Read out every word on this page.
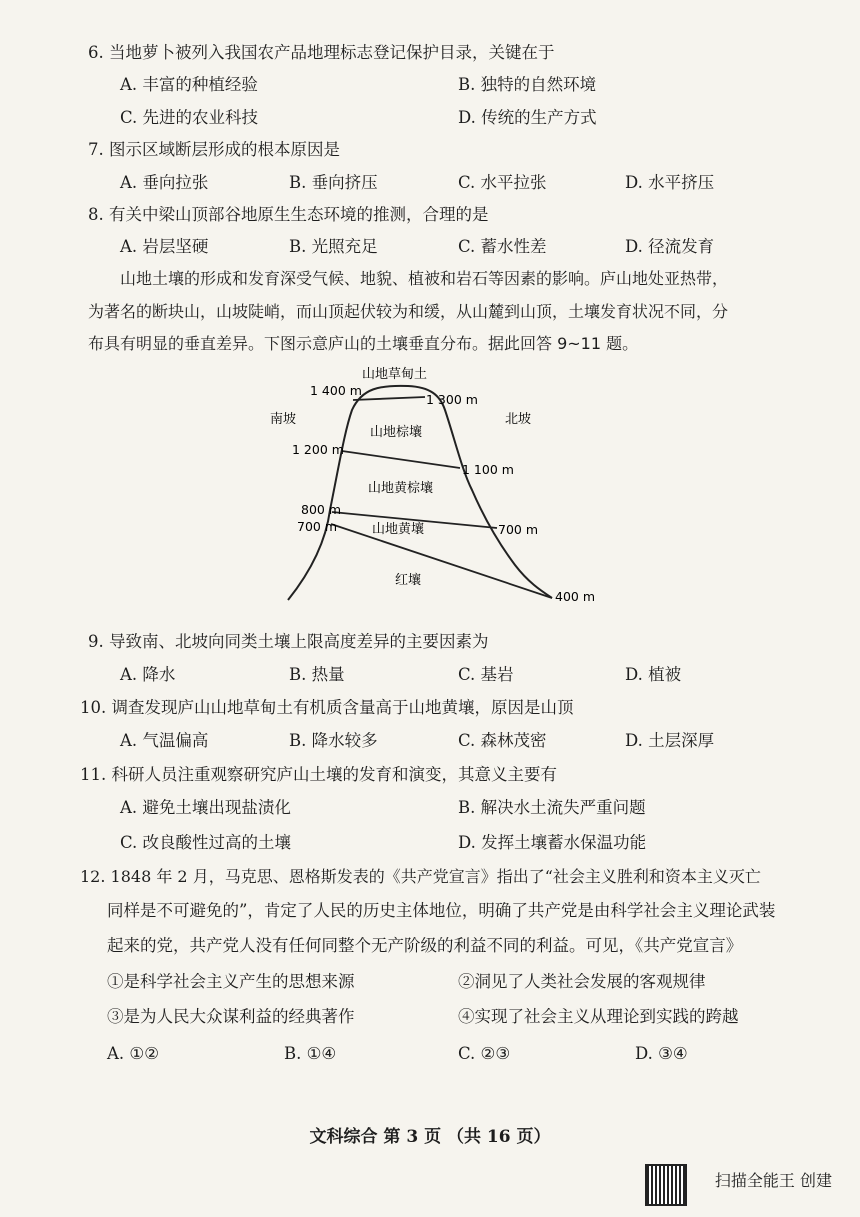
6. 当地萝卜被列入我国农产品地理标志登记保护目录，关键在于
A. 丰富的种植经验	B. 独特的自然环境
C. 先进的农业科技	D. 传统的生产方式
7. 图示区域断层形成的根本原因是
A. 垂向拉张	B. 垂向挤压	C. 水平拉张	D. 水平挤压
8. 有关中梁山顶部谷地原生生态环境的推测，合理的是
A. 岩层坚硬	B. 光照充足	C. 蓄水性差	D. 径流发育
山地土壤的形成和发育深受气候、地貌、植被和岩石等因素的影响。庐山地处亚热带，
为著名的断块山，山坡陡峭，而山顶起伏较为和缓，从山麓到山顶，土壤发育状况不同，分
布具有明显的垂直差异。下图示意庐山的土壤垂直分布。据此回答 9~11 题。
山地草甸土
南坡	北坡
山地棕壤
山地黄棕壤
山地黄壤
红壤
1 400 m
1 200 m
800 m
700 m
1 300 m
1 100 m
700 m
400 m
9. 导致南、北坡向同类土壤上限高度差异的主要因素为
A. 降水	B. 热量	C. 基岩	D. 植被
10. 调查发现庐山山地草甸土有机质含量高于山地黄壤，原因是山顶
A. 气温偏高	B. 降水较多	C. 森林茂密	D. 土层深厚
11. 科研人员注重观察研究庐山土壤的发育和演变，其意义主要有
A. 避免土壤出现盐渍化	B. 解决水土流失严重问题
C. 改良酸性过高的土壤	D. 发挥土壤蓄水保温功能
12. 1848 年 2 月，马克思、恩格斯发表的《共产党宣言》指出了“社会主义胜利和资本主义灭亡
同样是不可避免的”，肯定了人民的历史主体地位，明确了共产党是由科学社会主义理论武装
起来的党，共产党人没有任何同整个无产阶级的利益不同的利益。可见，《共产党宣言》
①是科学社会主义产生的思想来源	②洞见了人类社会发展的客观规律
③是为人民大众谋利益的经典著作	④实现了社会主义从理论到实践的跨越
A. ①②	B. ①④	C. ②③	D. ③④
文科综合 第 3 页 （共 16 页）
扫描全能王 创建
